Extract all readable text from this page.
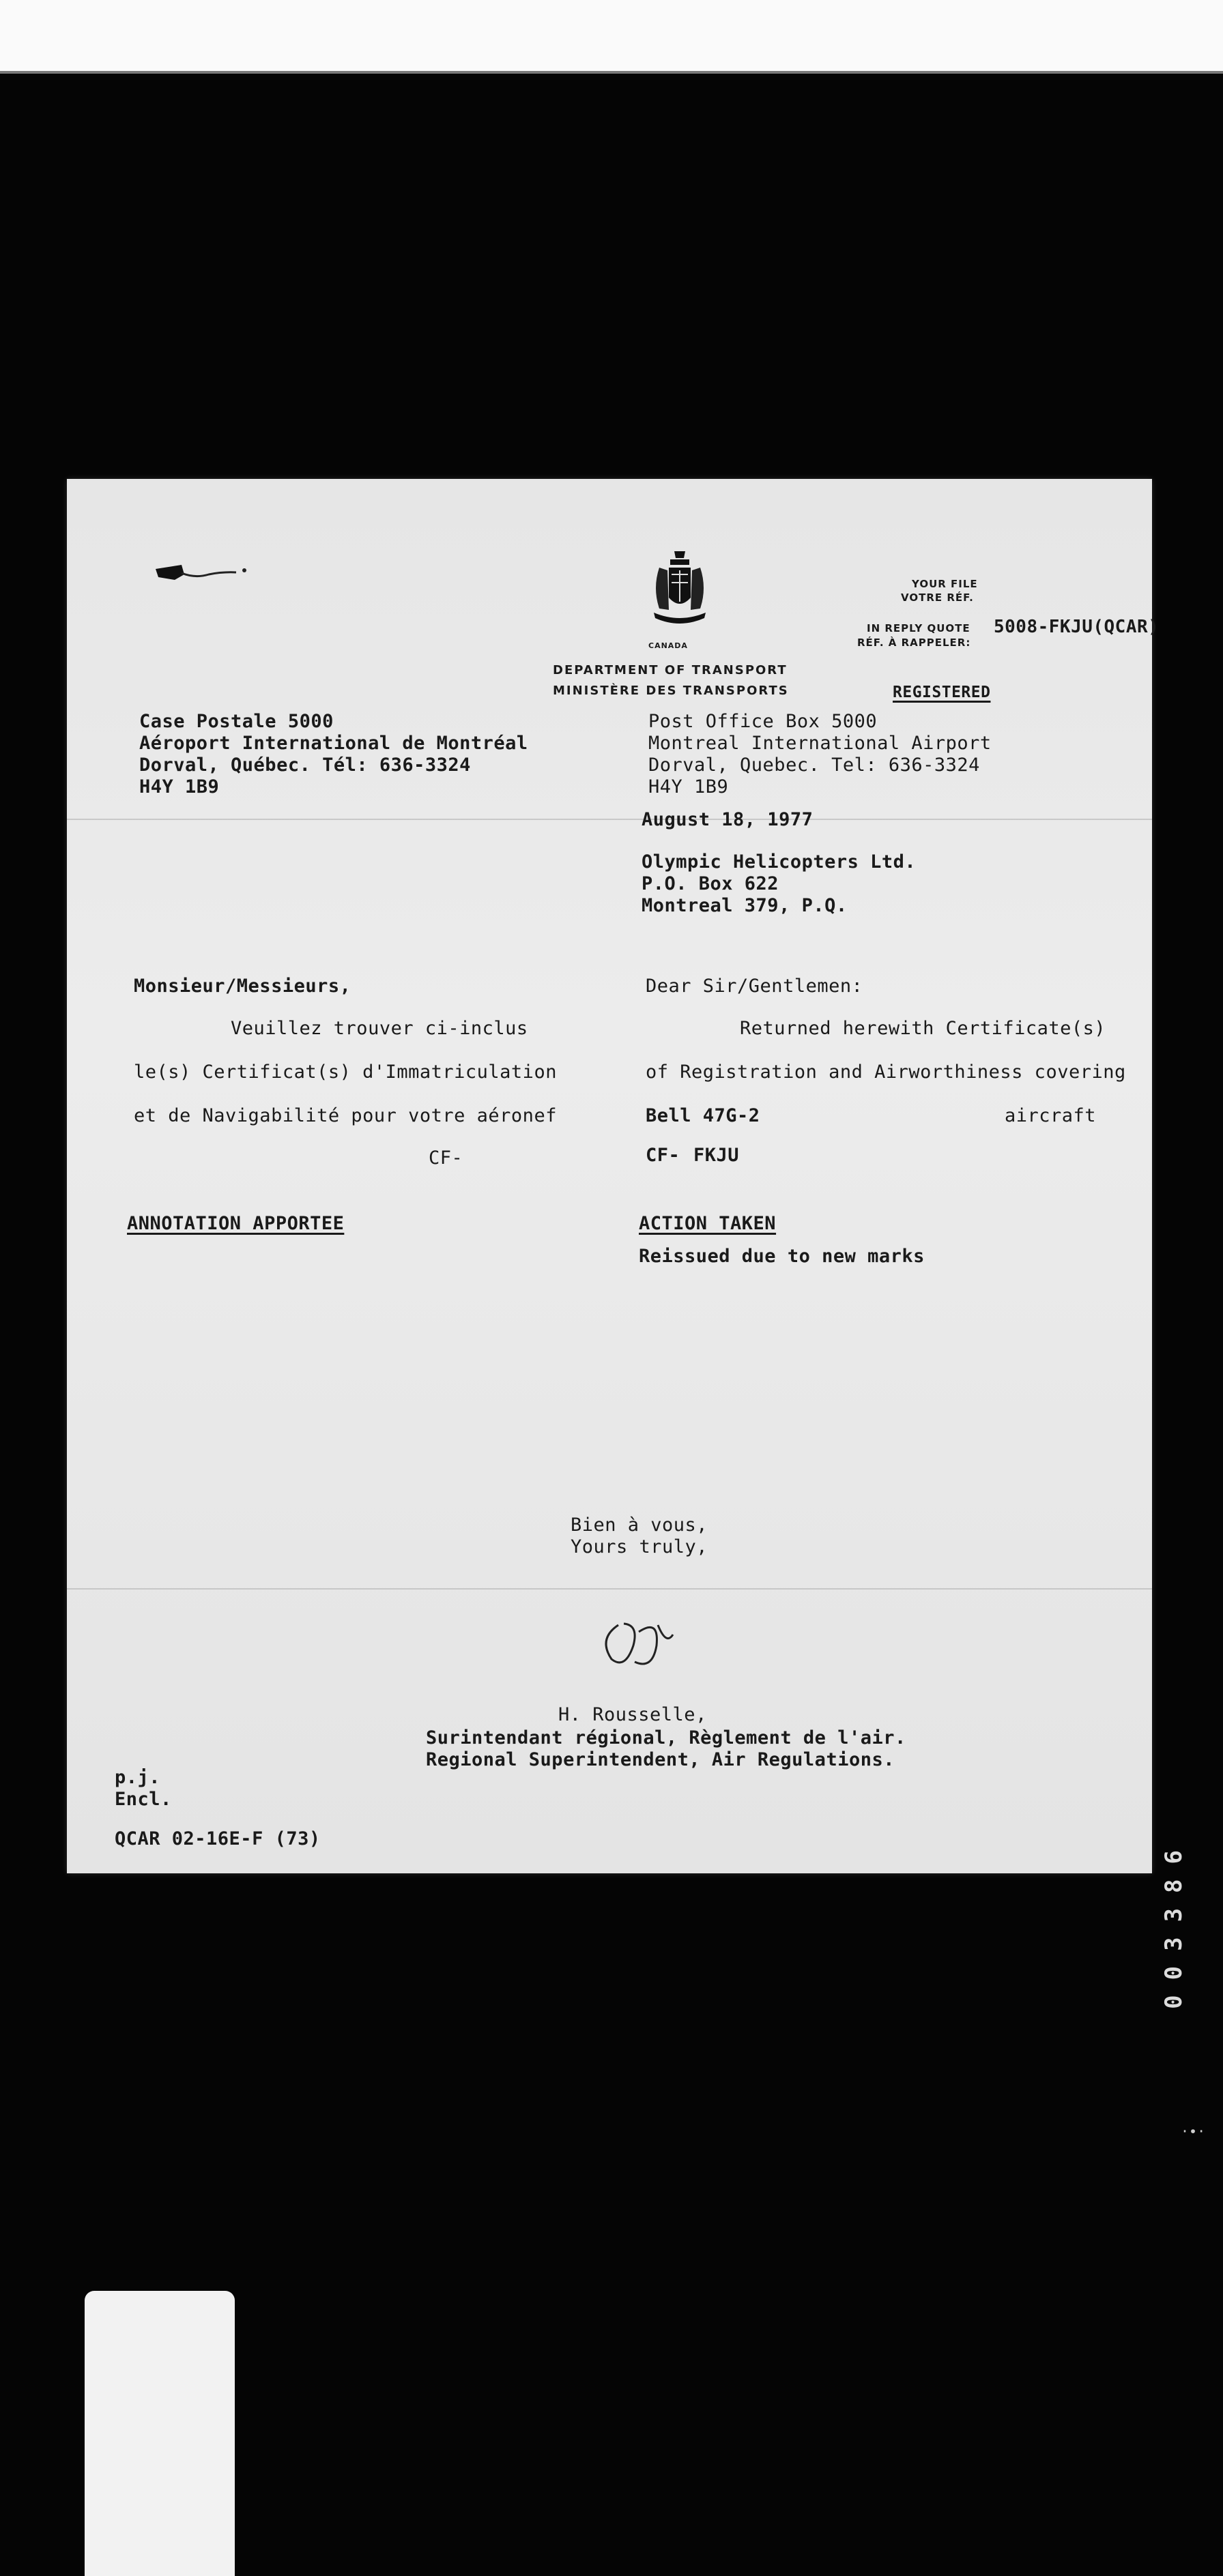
CANADA
YOUR FILE
VOTRE RÉF.
IN REPLY QUOTE
RÉF. À RAPPELER:
5008-FKJU(QCAR)
DEPARTMENT OF TRANSPORT
MINISTÈRE DES TRANSPORTS	REGISTERED
Case Postale 5000
Aéroport International de Montréal
Dorval, Québec. Tél: 636-3324
H4Y 1B9
Post Office Box 5000
Montreal International Airport
Dorval, Quebec. Tel: 636-3324
H4Y 1B9
August 18, 1977
Olympic Helicopters Ltd.
P.O. Box 622
Montreal 379, P.Q.
Monsieur/Messieurs,
Veuillez trouver ci-inclus
le(s) Certificat(s) d'Immatriculation
et de Navigabilité pour votre aéronef
CF-
Dear Sir/Gentlemen:
Returned herewith Certificate(s)
of Registration and Airworthiness covering
Bell 47G-2	aircraft
CF- FKJU
ANNOTATION APPORTEE	ACTION TAKEN
Reissued due to new marks
Bien à vous,
Yours truly,
H. Rousselle,
Surintendant régional, Règlement de l'air.
Regional Superintendent, Air Regulations.
p.j.
Encl.
QCAR 02-16E-F (73)	003386
·∙·
